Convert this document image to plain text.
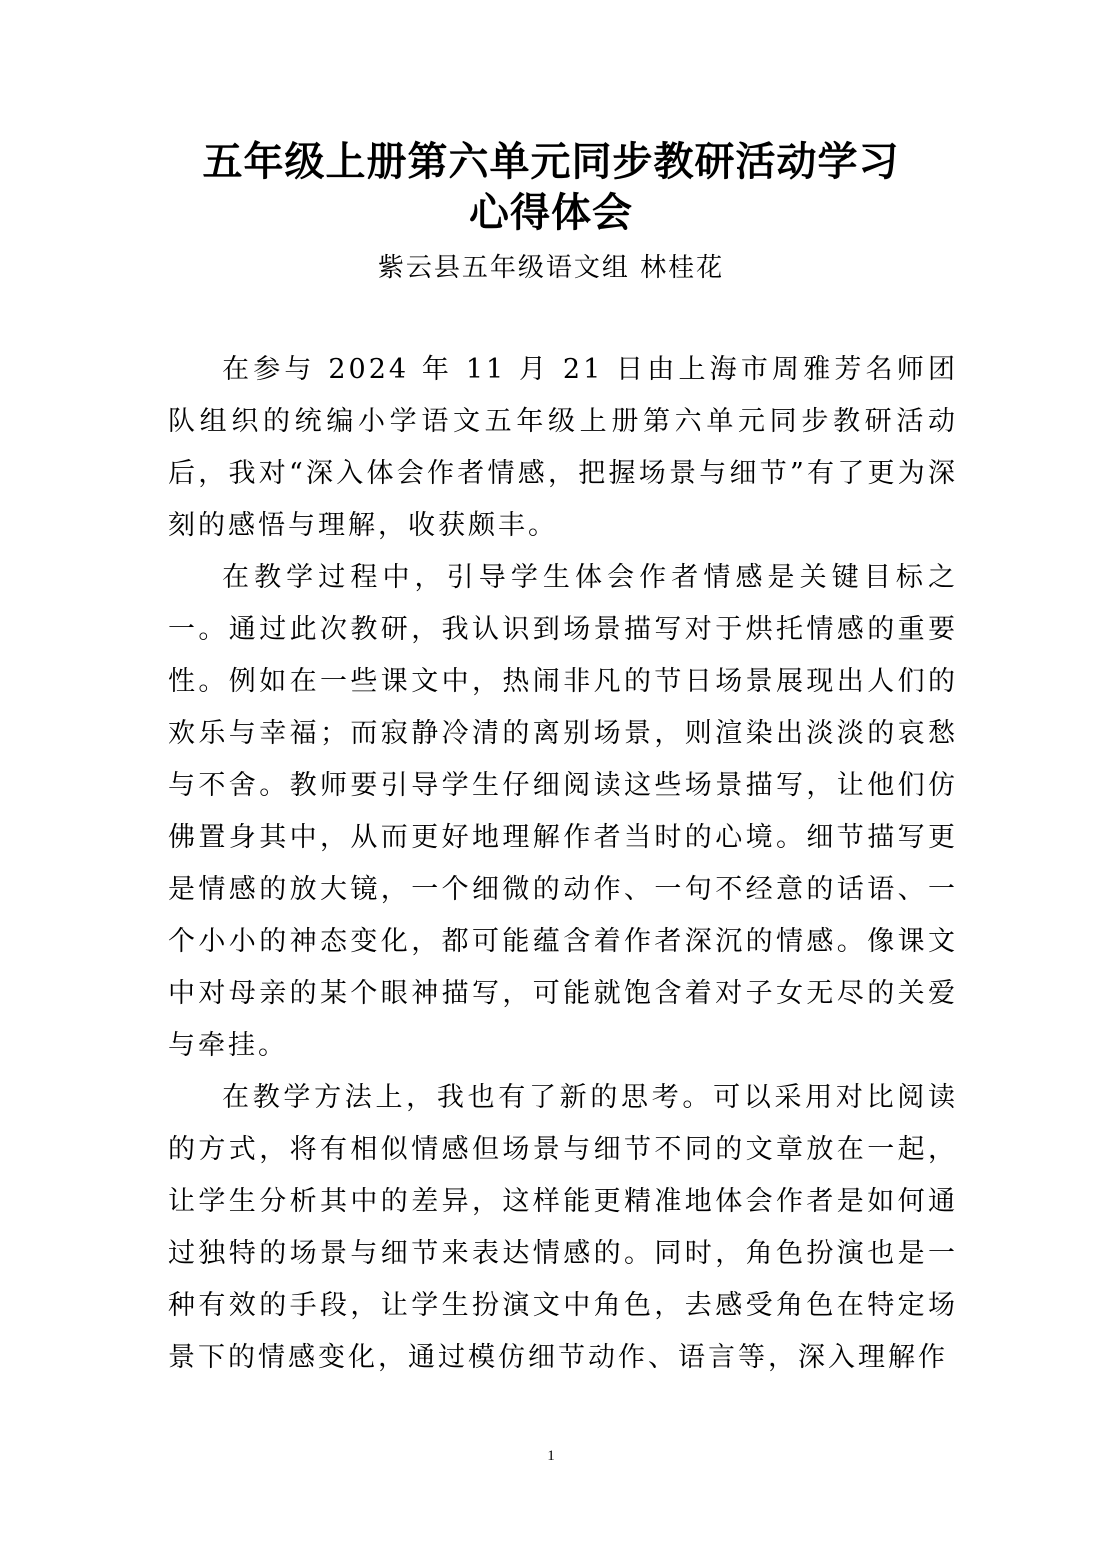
五年级上册第六单元同步教研活动学习
心得体会
紫云县五年级语文组 林桂花

在参与 2024 年 11 月 21 日由上海市周雅芳名师团队组织的统编小学语文五年级上册第六单元同步教研活动后，我对“深入体会作者情感，把握场景与细节”有了更为深刻的感悟与理解，收获颇丰。

在教学过程中，引导学生体会作者情感是关键目标之一。通过此次教研，我认识到场景描写对于烘托情感的重要性。例如在一些课文中，热闹非凡的节日场景展现出人们的欢乐与幸福；而寂静冷清的离别场景，则渲染出淡淡的哀愁与不舍。教师要引导学生仔细阅读这些场景描写，让他们仿佛置身其中，从而更好地理解作者当时的心境。细节描写更是情感的放大镜，一个细微的动作、一句不经意的话语、一个小小的神态变化，都可能蕴含着作者深沉的情感。像课文中对母亲的某个眼神描写，可能就饱含着对子女无尽的关爱与牵挂。

在教学方法上，我也有了新的思考。可以采用对比阅读的方式，将有相似情感但场景与细节不同的文章放在一起，让学生分析其中的差异，这样能更精准地体会作者是如何通过独特的场景与细节来表达情感的。同时，角色扮演也是一种有效的手段，让学生扮演文中角色，去感受角色在特定场景下的情感变化，通过模仿细节动作、语言等，深入理解作

1
